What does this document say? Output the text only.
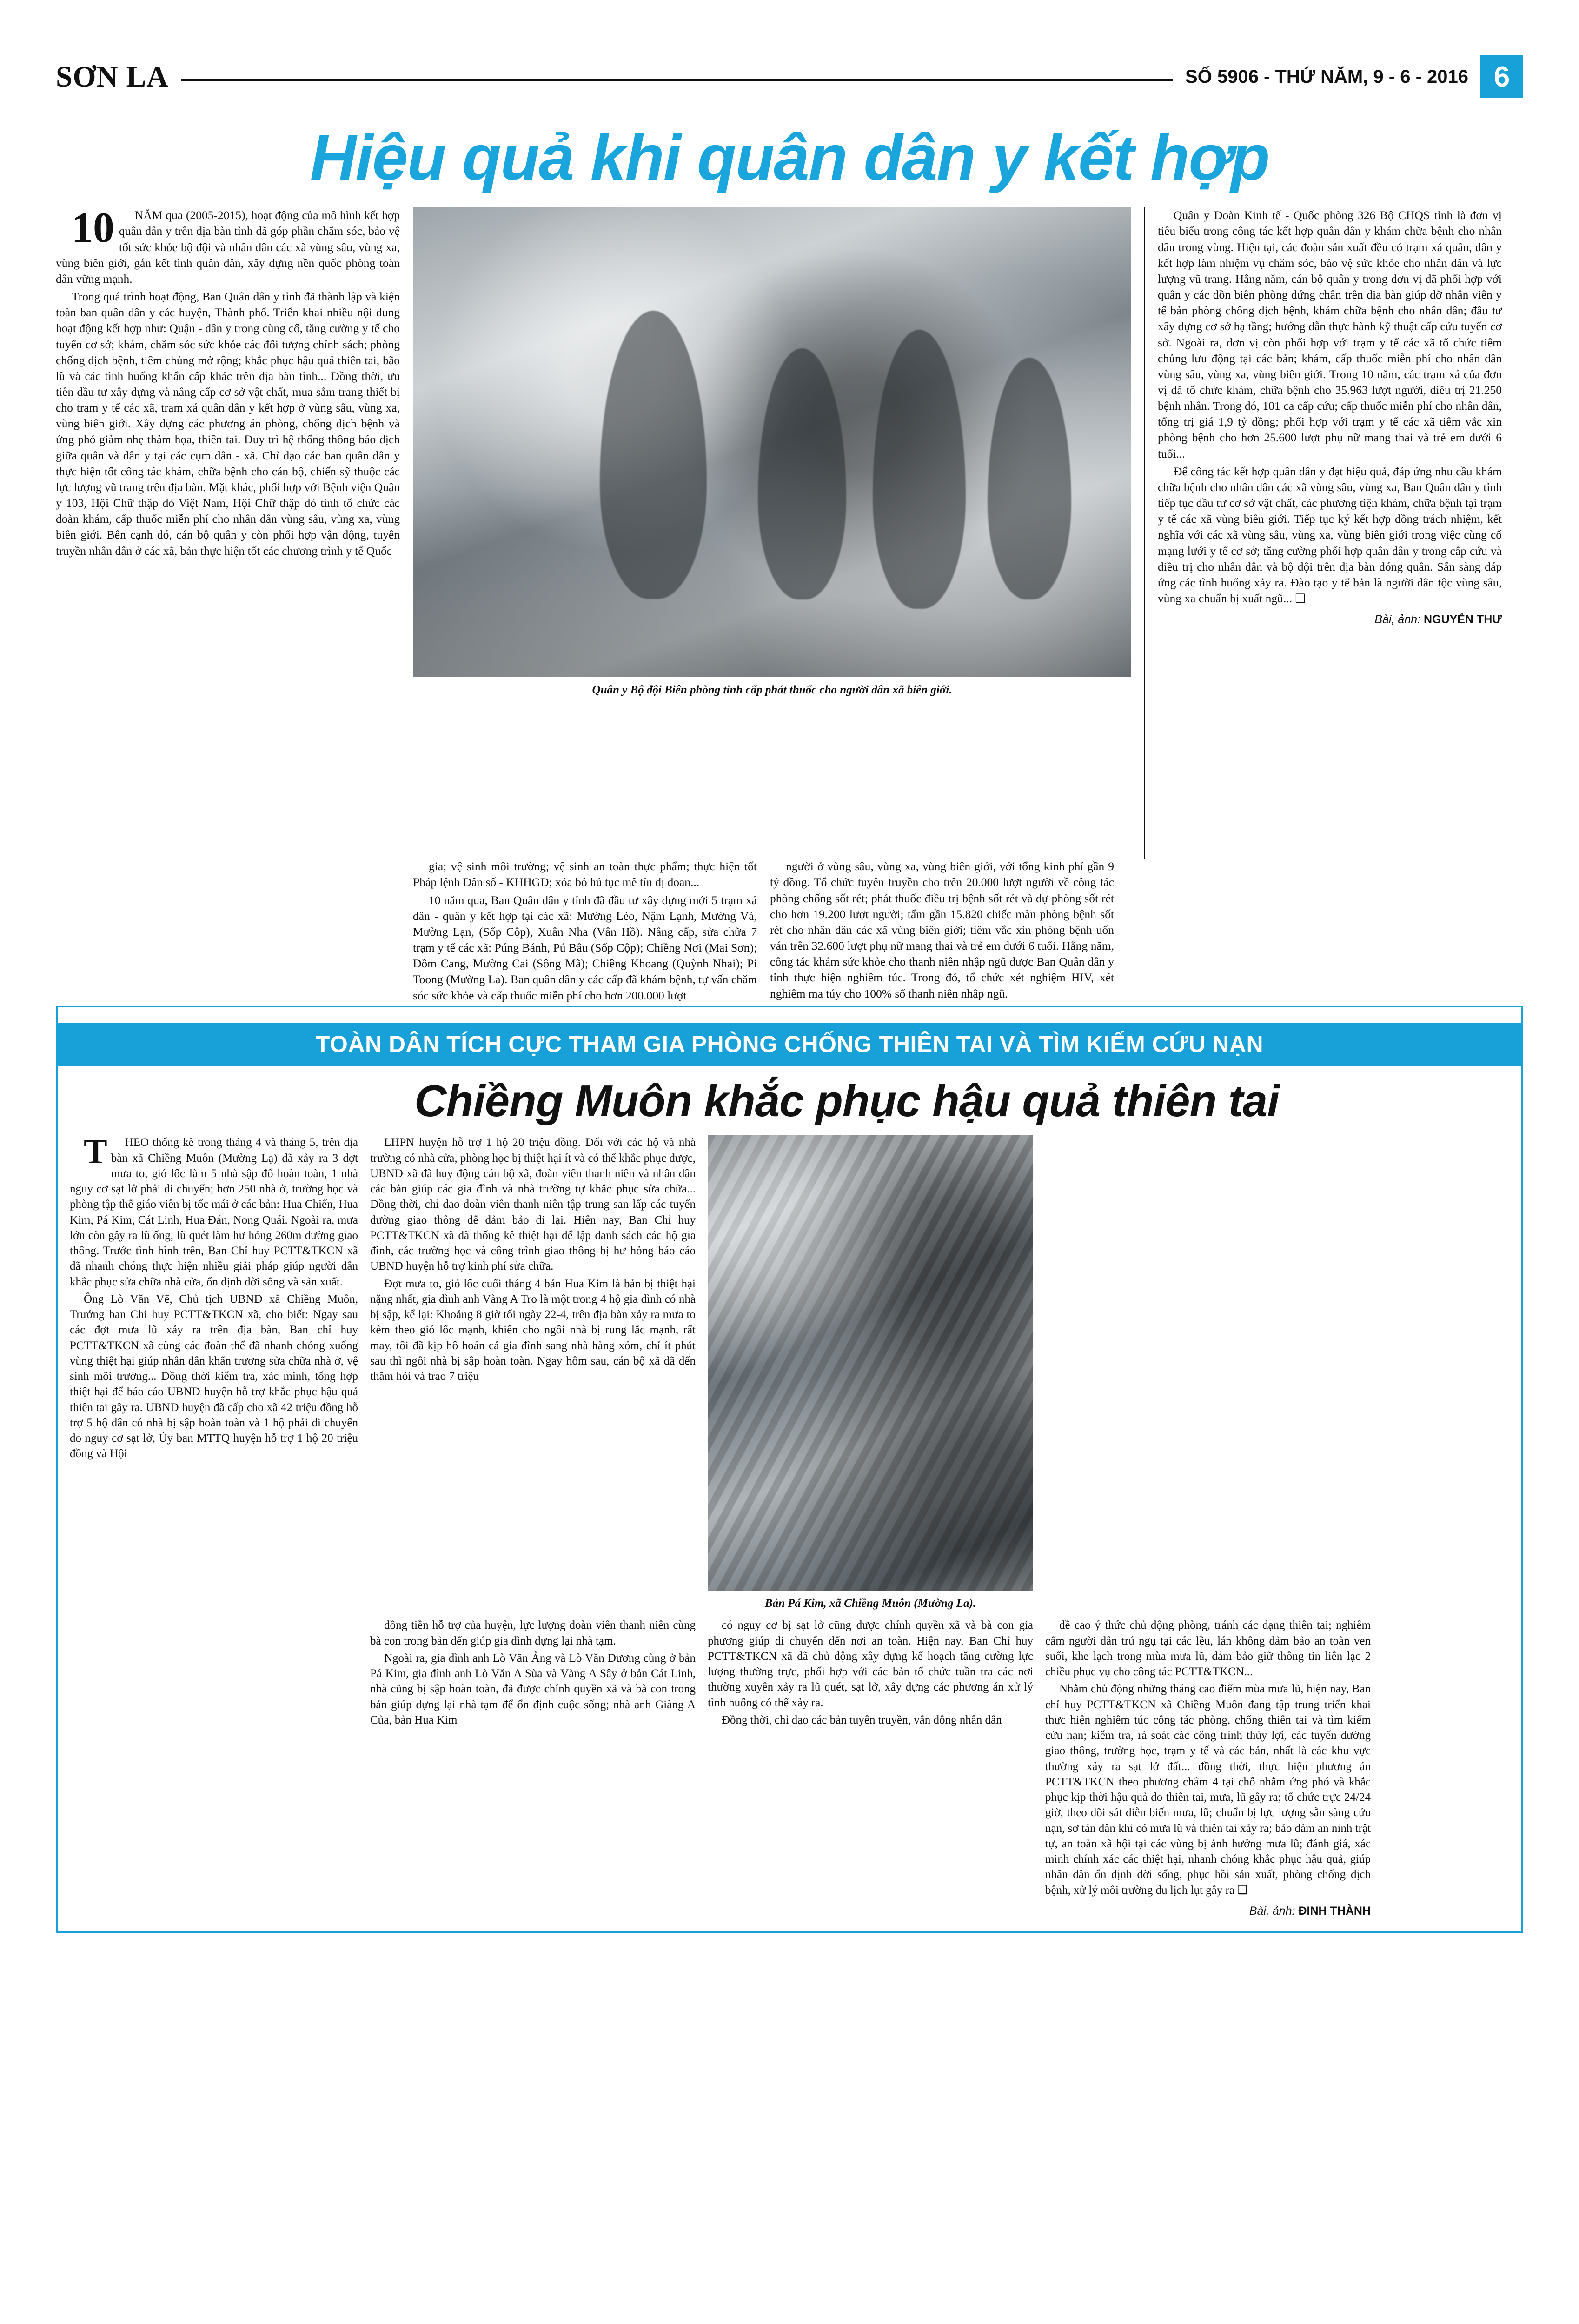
SƠN LA	SỐ 5906 - THỨ NĂM, 9 - 6 - 2016 6
Hiệu quả khi quân dân y kết hợp

10	NĂM qua (2005-2015), hoạt động của mô hình kết hợp quân dân y trên địa bàn tỉnh đã góp phần chăm sóc, bảo vệ tốt sức khỏe bộ đội và nhân dân các xã vùng sâu, vùng xa, vùng biên giới, gắn kết tình quân dân, xây dựng nền quốc phòng toàn dân vững mạnh.

Trong quá trình hoạt động, Ban Quân dân y tỉnh đã thành lập và kiện toàn ban quân dân y các huyện, Thành phố. Triển khai nhiều nội dung hoạt động kết hợp như: Quận - dân y trong cùng cố, tăng cường y tế cho tuyến cơ sở; khám, chăm sóc sức khỏe các đối tượng chính sách; phòng chống dịch bệnh, tiêm chủng mở rộng; khắc phục hậu quả thiên tai, bão lũ và các tình huống khẩn cấp khác trên địa bàn tỉnh... Đồng thời, ưu tiên đầu tư xây dựng và nâng cấp cơ sở vật chất, mua sắm trang thiết bị cho trạm y tế các xã, trạm xá quân dân y kết hợp ở vùng sâu, vùng xa, vùng biên giới. Xây dựng các phương án phòng, chống dịch bệnh và ứng phó giảm nhẹ thảm họa, thiên tai. Duy trì hệ thống thông báo dịch giữa quân và dân y tại các cụm dân - xã. Chỉ đạo các ban quân dân y thực hiện tốt công tác khám, chữa bệnh cho cán bộ, chiến sỹ thuộc các lực lượng vũ trang trên địa bàn. Mặt khác, phối hợp với Bệnh viện Quân y 103, Hội Chữ thập đỏ Việt Nam, Hội Chữ thập đỏ tỉnh tổ chức các đoàn khám, cấp thuốc miễn phí cho nhân dân vùng sâu, vùng xa, vùng biên giới. Bên cạnh đó, cán bộ quân y còn phối hợp vận động, tuyên truyền nhân dân ở các xã, bản thực hiện tốt các chương trình y tế Quốc

Quân y Bộ đội Biên phòng tỉnh cấp phát thuốc cho người dân xã biên giới.

Quân y Đoàn Kinh tế - Quốc phòng 326 Bộ CHQS tỉnh là đơn vị tiêu biểu trong công tác kết hợp quân dân y khám chữa bệnh cho nhân dân trong vùng. Hiện tại, các đoàn sản xuất đều có trạm xá quân, dân y kết hợp làm nhiệm vụ chăm sóc, bảo vệ sức khỏe cho nhân dân và lực lượng vũ trang. Hằng năm, cán bộ quân y trong đơn vị đã phối hợp với quân y các đồn biên phòng đứng chân trên địa bàn giúp đỡ nhân viên y tế bản phòng chống dịch bệnh, khám chữa bệnh cho nhân dân; đầu tư xây dựng cơ sở hạ tầng; hướng dẫn thực hành kỹ thuật cấp cứu tuyến cơ sở. Ngoài ra, đơn vị còn phối hợp với trạm y tế các xã tổ chức tiêm chủng lưu động tại các bản; khám, cấp thuốc miễn phí cho nhân dân vùng sâu, vùng xa, vùng biên giới. Trong 10 năm, các trạm xá của đơn vị đã tổ chức khám, chữa bệnh cho 35.963 lượt người, điều trị 21.250 bệnh nhân. Trong đó, 101 ca cấp cứu; cấp thuốc miễn phí cho nhân dân, tổng trị giá 1,9 tỷ đồng; phối hợp với trạm y tế các xã tiêm vắc xin phòng bệnh cho hơn 25.600 lượt phụ nữ mang thai và trẻ em dưới 6 tuổi...

Để công tác kết hợp quân dân y đạt hiệu quả, đáp ứng nhu cầu khám chữa bệnh cho nhân dân các xã vùng sâu, vùng xa, Ban Quân dân y tỉnh tiếp tục đầu tư cơ sở vật chất, các phương tiện khám, chữa bệnh tại trạm y tế các xã vùng biên giới. Tiếp tục ký kết hợp đồng trách nhiệm, kết nghĩa với các xã vùng sâu, vùng xa, vùng biên giới trong việc cùng cố mạng lưới y tế cơ sở; tăng cường phối hợp quân dân y trong cấp cứu và điều trị cho nhân dân và bộ đội trên địa bàn đóng quân. Sẵn sàng đáp ứng các tình huống xảy ra. Đào tạo y tế bản là người dân tộc vùng sâu, vùng xa chuẩn bị xuất ngũ... ❑

Bài, ảnh: NGUYỄN THƯ

gia; vệ sinh môi trường; vệ sinh an toàn thực phẩm; thực hiện tốt Pháp lệnh Dân số - KHHGĐ; xóa bỏ hủ tục mê tín dị đoan...

10 năm qua, Ban Quân dân y tỉnh đã đầu tư xây dựng mới 5 trạm xá dân - quân y kết hợp tại các xã: Mường Lèo, Nậm Lạnh, Mường Và, Mường Lạn, (Sốp Cộp), Xuân Nha (Vân Hồ). Nâng cấp, sửa chữa 7 trạm y tế các xã: Púng Bánh, Pú Bâu (Sốp Cộp); Chiềng Nơi (Mai Sơn); Dồm Cang, Mường Cai (Sông Mã); Chiềng Khoang (Quỳnh Nhai); Pi Toong (Mường La). Ban quân dân y các cấp đã khám bệnh, tự vấn chăm sóc sức khỏe và cấp thuốc miễn phí cho hơn 200.000 lượt

người ở vùng sâu, vùng xa, vùng biên giới, với tổng kinh phí gần 9 tỷ đồng. Tổ chức tuyên truyền cho trên 20.000 lượt người về công tác phòng chống sốt rét; phát thuốc điều trị bệnh sốt rét và dự phòng sốt rét cho hơn 19.200 lượt người; tẩm gần 15.820 chiếc màn phòng bệnh sốt rét cho nhân dân các xã vùng biên giới; tiêm vắc xin phòng bệnh uốn ván trên 32.600 lượt phụ nữ mang thai và trẻ em dưới 6 tuổi. Hằng năm, công tác khám sức khỏe cho thanh niên nhập ngũ được Ban Quân dân y tỉnh thực hiện nghiêm túc. Trong đó, tổ chức xét nghiệm HIV, xét nghiệm ma túy cho 100% số thanh niên nhập ngũ.

TOÀN DÂN TÍCH CỰC THAM GIA PHÒNG CHỐNG THIÊN TAI VÀ TÌM KIẾM CỨU NẠN
Chiềng Muôn khắc phục hậu quả thiên tai

T	HEO thống kê trong tháng 4 và tháng 5, trên địa bàn xã Chiềng Muôn (Mường Lạ) đã xảy ra 3 đợt mưa to, gió lốc làm 5 nhà sập đổ hoàn toàn, 1 nhà nguy cơ sạt lở phải di chuyển; hơn 250 nhà ở, trường học và phòng tập thể giáo viên bị tốc mái ở các bản: Hua Chiến, Hua Kim, Pá Kim, Cát Linh, Hua Đán, Nong Quái. Ngoài ra, mưa lớn còn gây ra lũ ống, lũ quét làm hư hỏng 260m đường giao thông. Trước tình hình trên, Ban Chỉ huy PCTT&TKCN xã đã nhanh chóng thực hiện nhiều giải pháp giúp người dân khắc phục sửa chữa nhà cửa, ổn định đời sống và sản xuất.

Ông Lò Văn Vẽ, Chủ tịch UBND xã Chiềng Muôn, Trưởng ban Chỉ huy PCTT&TKCN xã, cho biết: Ngay sau các đợt mưa lũ xảy ra trên địa bàn, Ban chỉ huy PCTT&TKCN xã cùng các đoàn thể đã nhanh chóng xuống vùng thiệt hại giúp nhân dân khẩn trương sửa chữa nhà ở, vệ sinh môi trường... Đồng thời kiểm tra, xác minh, tổng hợp thiệt hại để báo cáo UBND huyện hỗ trợ khắc phục hậu quả thiên tai gây ra. UBND huyện đã cấp cho xã 42 triệu đồng hỗ trợ 5 hộ dân có nhà bị sập hoàn toàn và 1 hộ phải di chuyển do nguy cơ sạt lở, Ủy ban MTTQ huyện hỗ trợ 1 hộ 20 triệu đồng và Hội

LHPN huyện hỗ trợ 1 hộ 20 triệu đồng. Đối với các hộ và nhà trường có nhà cửa, phòng học bị thiệt hại ít và có thể khắc phục được, UBND xã đã huy động cán bộ xã, đoàn viên thanh niên và nhân dân các bản giúp các gia đình và nhà trường tự khắc phục sửa chữa... Đồng thời, chỉ đạo đoàn viên thanh niên tập trung san lấp các tuyến đường giao thông để đảm bảo đi lại. Hiện nay, Ban Chỉ huy PCTT&TKCN xã đã thống kê thiệt hại để lập danh sách các hộ gia đình, các trường học và công trình giao thông bị hư hỏng báo cáo UBND huyện hỗ trợ kinh phí sửa chữa.

Đợt mưa to, gió lốc cuối tháng 4 bản Hua Kim là bản bị thiệt hại nặng nhất, gia đình anh Vàng A Tro là một trong 4 hộ gia đình có nhà bị sập, kể lại: Khoảng 8 giờ tối ngày 22-4, trên địa bàn xảy ra mưa to kèm theo gió lốc mạnh, khiến cho ngôi nhà bị rung lắc mạnh, rất may, tôi đã kịp hô hoán cả gia đình sang nhà hàng xóm, chỉ ít phút sau thì ngôi nhà bị sập hoàn toàn. Ngay hôm sau, cán bộ xã đã đến thăm hỏi và trao 7 triệu

Bản Pá Kim, xã Chiềng Muôn (Mường La).

đồng tiền hỗ trợ của huyện, lực lượng đoàn viên thanh niên cùng bà con trong bản đến giúp gia đình dựng lại nhà tạm.

Ngoài ra, gia đình anh Lò Văn Ảng và Lò Văn Dương cùng ở bản Pá Kim, gia đình anh Lò Văn A Sùa và Vàng A Sây ở bản Cát Linh, nhà cũng bị sập hoàn toàn, đã được chính quyền xã và bà con trong bản giúp dựng lại nhà tạm để ổn định cuộc sống; nhà anh Giàng A Của, bản Hua Kim

có nguy cơ bị sạt lở cũng được chính quyền xã và bà con gia phương giúp di chuyển đến nơi an toàn. Hiện nay, Ban Chỉ huy PCTT&TKCN xã đã chủ động xây dựng kế hoạch tăng cường lực lượng thường trực, phối hợp với các bản tổ chức tuần tra các nơi thường xuyên xảy ra lũ quét, sạt lở, xây dựng các phương án xử lý tình huống có thể xảy ra.

Đồng thời, chỉ đạo các bản tuyên truyền, vận động nhân dân

đề cao ý thức chủ động phòng, tránh các dạng thiên tai; nghiêm cấm người dân trú ngụ tại các lều, lán không đảm bảo an toàn ven suối, khe lạch trong mùa mưa lũ, đảm bảo giữ thông tin liên lạc 2 chiều phục vụ cho công tác PCTT&TKCN...

Nhằm chủ động những tháng cao điểm mùa mưa lũ, hiện nay, Ban chỉ huy PCTT&TKCN xã Chiềng Muôn đang tập trung triển khai thực hiện nghiêm túc công tác phòng, chống thiên tai và tìm kiếm cứu nạn; kiểm tra, rà soát các công trình thủy lợi, các tuyến đường giao thông, trường học, trạm y tế và các bản, nhất là các khu vực thường xảy ra sạt lở đất... đồng thời, thực hiện phương án PCTT&TKCN theo phương châm 4 tại chỗ nhằm ứng phó và khắc phục kịp thời hậu quả do thiên tai, mưa, lũ gây ra; tổ chức trực 24/24 giờ, theo dõi sát diễn biến mưa, lũ; chuẩn bị lực lượng sẵn sàng cứu nạn, sơ tán dân khi có mưa lũ và thiên tai xảy ra; bảo đảm an ninh trật tự, an toàn xã hội tại các vùng bị ảnh hưởng mưa lũ; đánh giá, xác minh chính xác các thiệt hại, nhanh chóng khắc phục hậu quả, giúp nhân dân ổn định đời sống, phục hồi sản xuất, phòng chống dịch bệnh, xử lý môi trường du lịch lụt gây ra ❑

Bài, ảnh: ĐINH THÀNH
